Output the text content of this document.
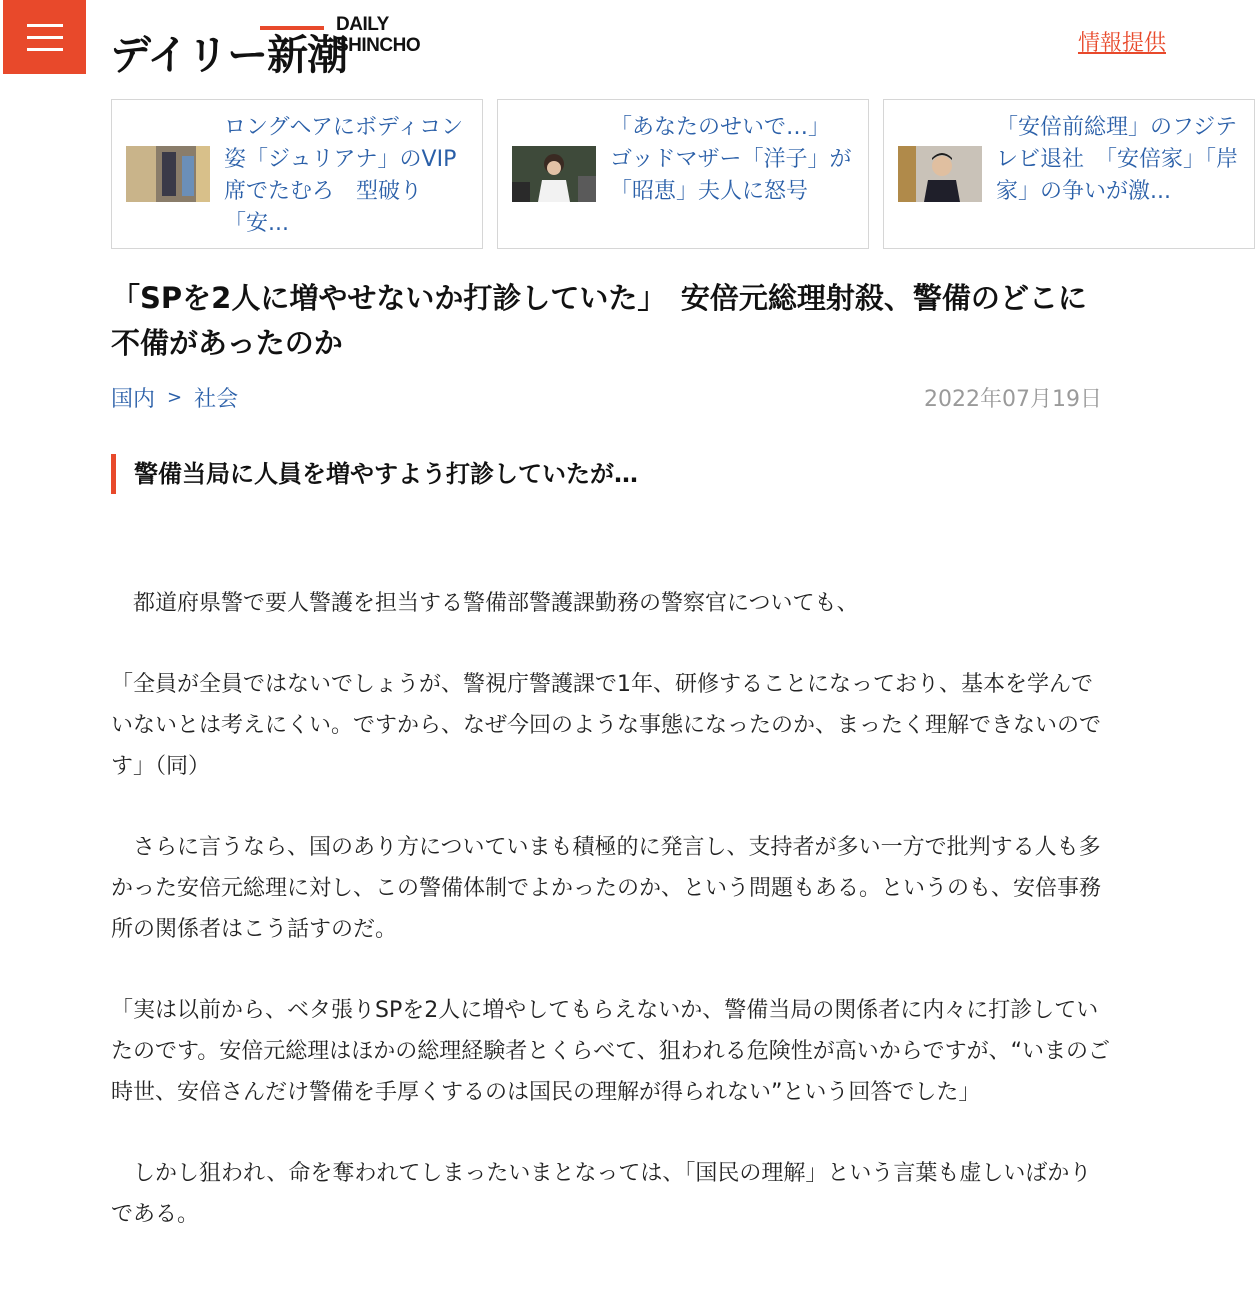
デイリー新潮
DAILY
SHINCHO	情報提供
ロングヘアにボディコン姿「ジュリアナ」のVIP席でたむろ　型破り「安...
「あなたのせいで…」　ゴッドマザー「洋子」が「昭恵」夫人に怒号
「安倍前総理」のフジテレビ退社　「安倍家」「岸家」の争いが激...
「SPを2人に増やせないか打診していた」　安倍元総理射殺、警備のどこに不備があったのか
国内 > 社会	2022年07月19日
警備当局に人員を増やすよう打診していたが…

　都道府県警で要人警護を担当する警備部警護課勤務の警察官についても、

「全員が全員ではないでしょうが、警視庁警護課で1年、研修することになっており、基本を学んでいないとは考えにくい。ですから、なぜ今回のような事態になったのか、まったく理解できないのです」（同）

　さらに言うなら、国のあり方についていまも積極的に発言し、支持者が多い一方で批判する人も多かった安倍元総理に対し、この警備体制でよかったのか、という問題もある。というのも、安倍事務所の関係者はこう話すのだ。

「実は以前から、ベタ張りSPを2人に増やしてもらえないか、警備当局の関係者に内々に打診していたのです。安倍元総理はほかの総理経験者とくらべて、狙われる危険性が高いからですが、“いまのご時世、安倍さんだけ警備を手厚くするのは国民の理解が得られない”という回答でした」

　しかし狙われ、命を奪われてしまったいまとなっては、「国民の理解」という言葉も虚しいばかりである。
